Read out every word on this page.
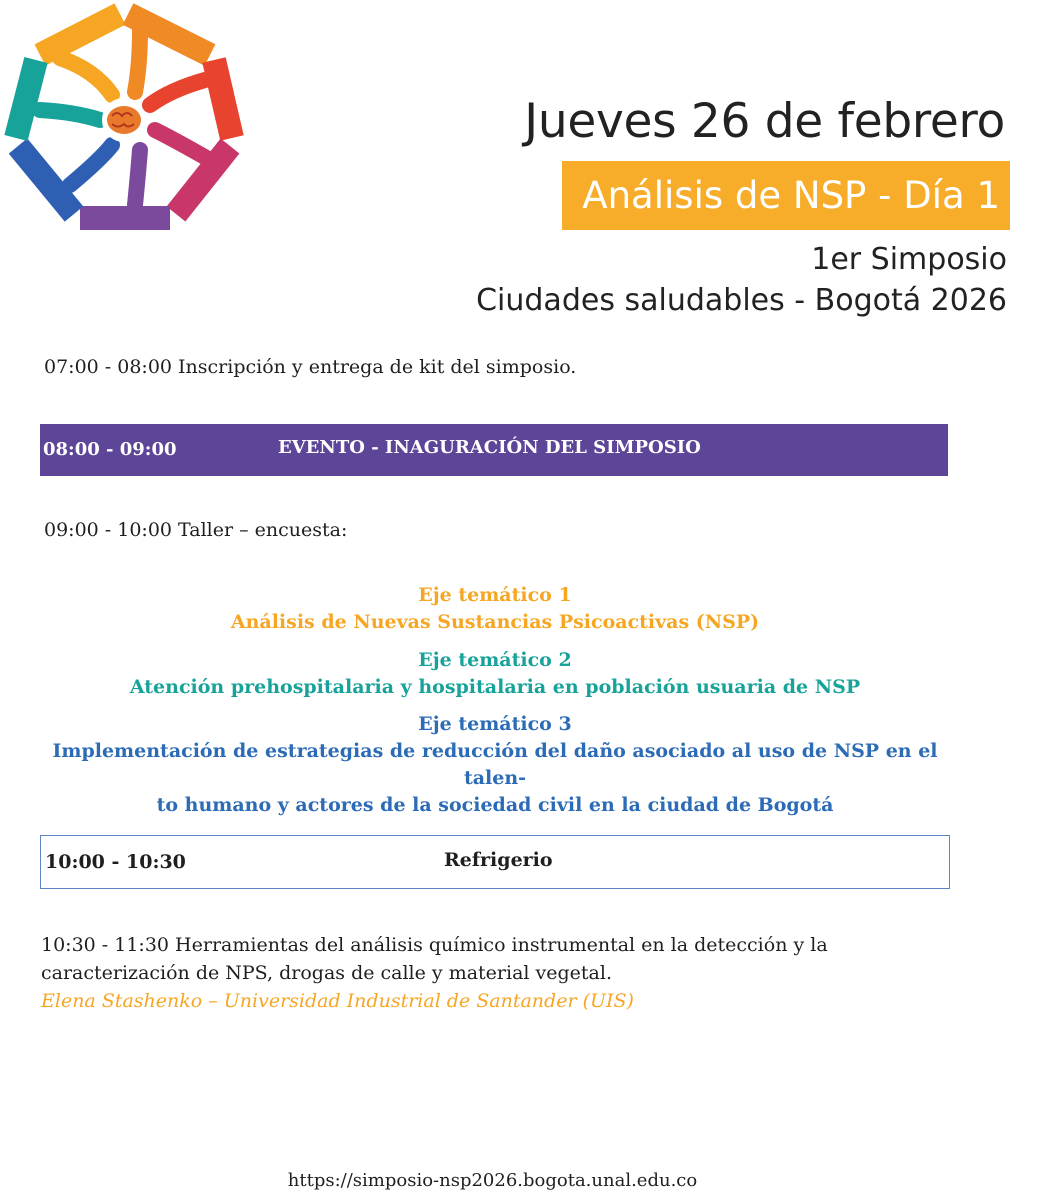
Jueves 26 de febrero
Análisis de NSP - Día 1
1er Simposio
Ciudades saludables - Bogotá 2026
07:00 - 08:00 Inscripción y entrega de kit del simposio.
08:00 - 09:00	EVENTO - INAGURACIÓN DEL SIMPOSIO
09:00 - 10:00 Taller – encuesta:
Eje temático 1
Análisis de Nuevas Sustancias Psicoactivas (NSP)
Eje temático 2
Atención prehospitalaria y hospitalaria en población usuaria de NSP
Eje temático 3
Implementación de estrategias de reducción del daño asociado al uso de NSP en el talen-
to humano y actores de la sociedad civil en la ciudad de Bogotá
10:00 - 10:30	Refrigerio
10:30 - 11:30 Herramientas del análisis químico instrumental en la detección y la
caracterización de NPS, drogas de calle y material vegetal.
Elena Stashenko – Universidad Industrial de Santander (UIS)
https://simposio-nsp2026.bogota.unal.edu.co
